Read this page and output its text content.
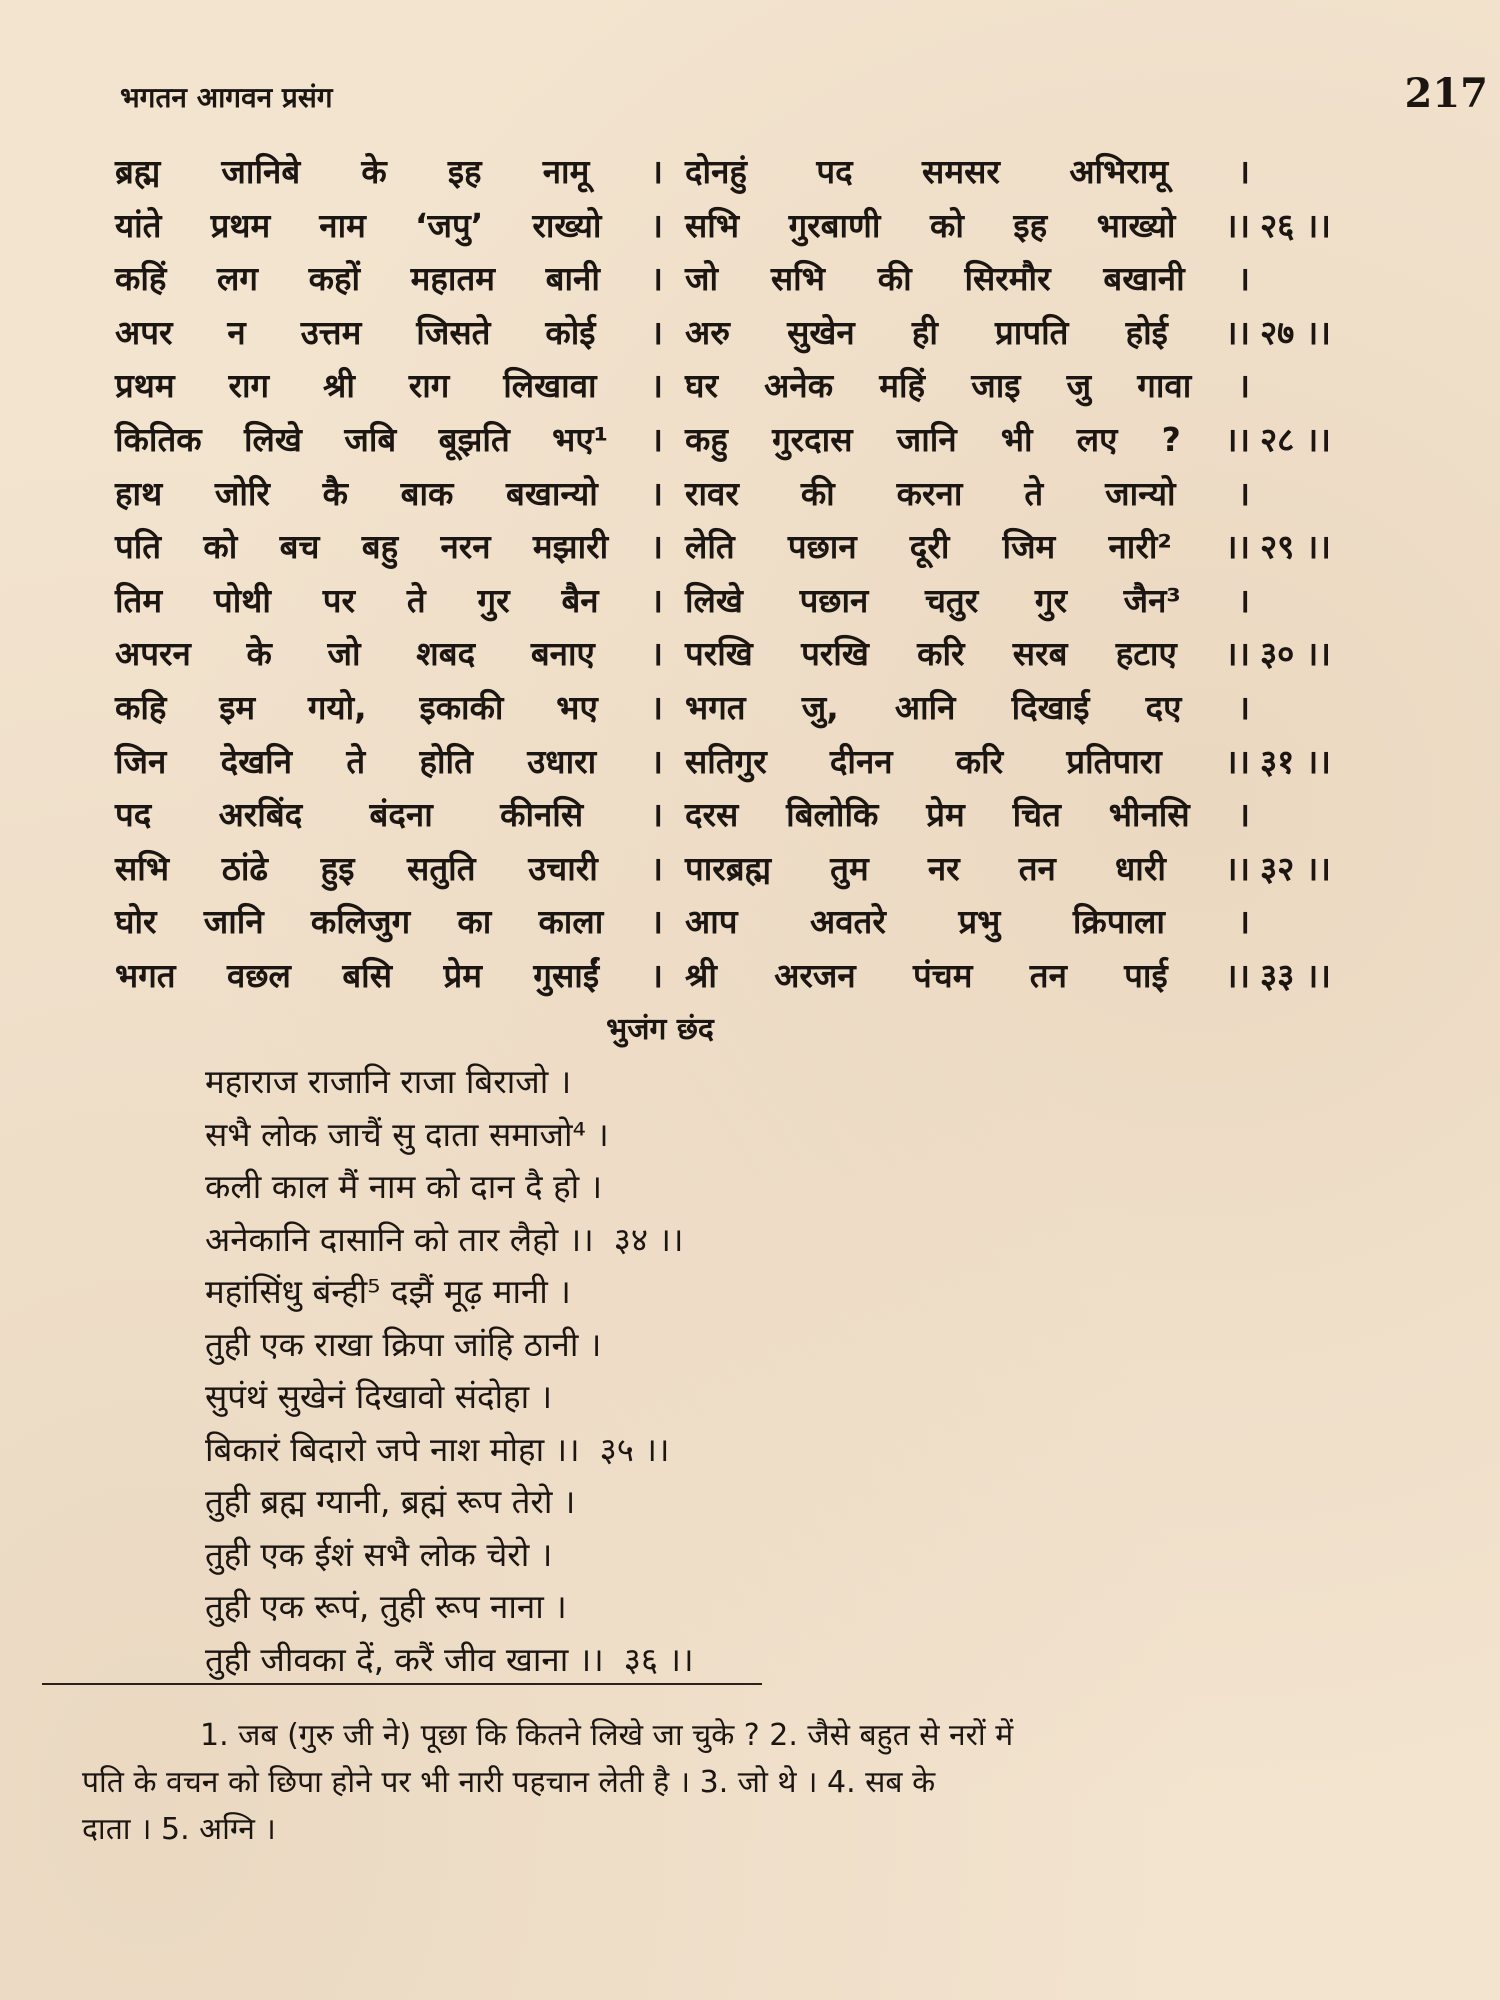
भगतन आगवन प्रसंग	217
ब्रह्म जानिबे के इह नामू । दोनहुं पद समसर अभिरामू ।
यांते प्रथम नाम ‘जपु’ राख्यो । सभि गुरबाणी को इह भाख्यो ।। २६ ।।
कहिं लग कहों महातम बानी । जो सभि की सिरमौर बखानी ।
अपर न उत्तम जिसते कोई । अरु सुखेन ही प्रापति होई ।। २७ ।।
प्रथम राग श्री राग लिखावा । घर अनेक महिं जाइ जु गावा ।
कितिक लिखे जबि बूझति भए¹ । कहु गुरदास जानि भी लए ? ।। २८ ।।
हाथ जोरि कै बाक बखान्यो । रावर की करना ते जान्यो ।
पति को बच बहु नरन मझारी । लेति पछान दूरी जिम नारी² ।। २९ ।।
तिम पोथी पर ते गुर बैन । लिखे पछान चतुर गुर जैन³ ।
अपरन के जो शबद बनाए । परखि परखि करि सरब हटाए ।। ३० ।।
कहि इम गयो, इकाकी भए । भगत जु, आनि दिखाई दए ।
जिन देखनि ते होति उधारा । सतिगुर दीनन करि प्रतिपारा ।। ३१ ।।
पद अरबिंद बंदना कीनसि । दरस बिलोकि प्रेम चित भीनसि ।
सभि ठांढे हुइ सतुति उचारी । पारब्रह्म तुम नर तन धारी ।। ३२ ।।
घोर जानि कलिजुग का काला । आप अवतरे प्रभु क्रिपाला ।
भगत वछल बसि प्रेम गुसाईं । श्री अरजन पंचम तन पाई ।। ३३ ।।
भुजंग छंद
महाराज राजानि राजा बिराजो ।
सभै लोक जाचैं सु दाता समाजो⁴ ।
कली काल मैं नाम को दान दै हो ।
अनेकानि दासानि को तार लैहो ।। ३४ ।।
महांसिंधु बंन्ही⁵ दझैं मूढ़ मानी ।
तुही एक राखा क्रिपा जांहि ठानी ।
सुपंथं सुखेनं दिखावो संदोहा ।
बिकारं बिदारो जपे नाश मोहा ।। ३५ ।।
तुही ब्रह्म ग्यानी, ब्रह्मं रूप तेरो ।
तुही एक ईशं सभै लोक चेरो ।
तुही एक रूपं, तुही रूप नाना ।
तुही जीवका दें, करैं जीव खाना ।। ३६ ।।
1. जब (गुरु जी ने) पूछा कि कितने लिखे जा चुके ? 2. जैसे बहुत से नरों में
पति के वचन को छिपा होने पर भी नारी पहचान लेती है । 3. जो थे । 4. सब के
दाता । 5. अग्नि ।
